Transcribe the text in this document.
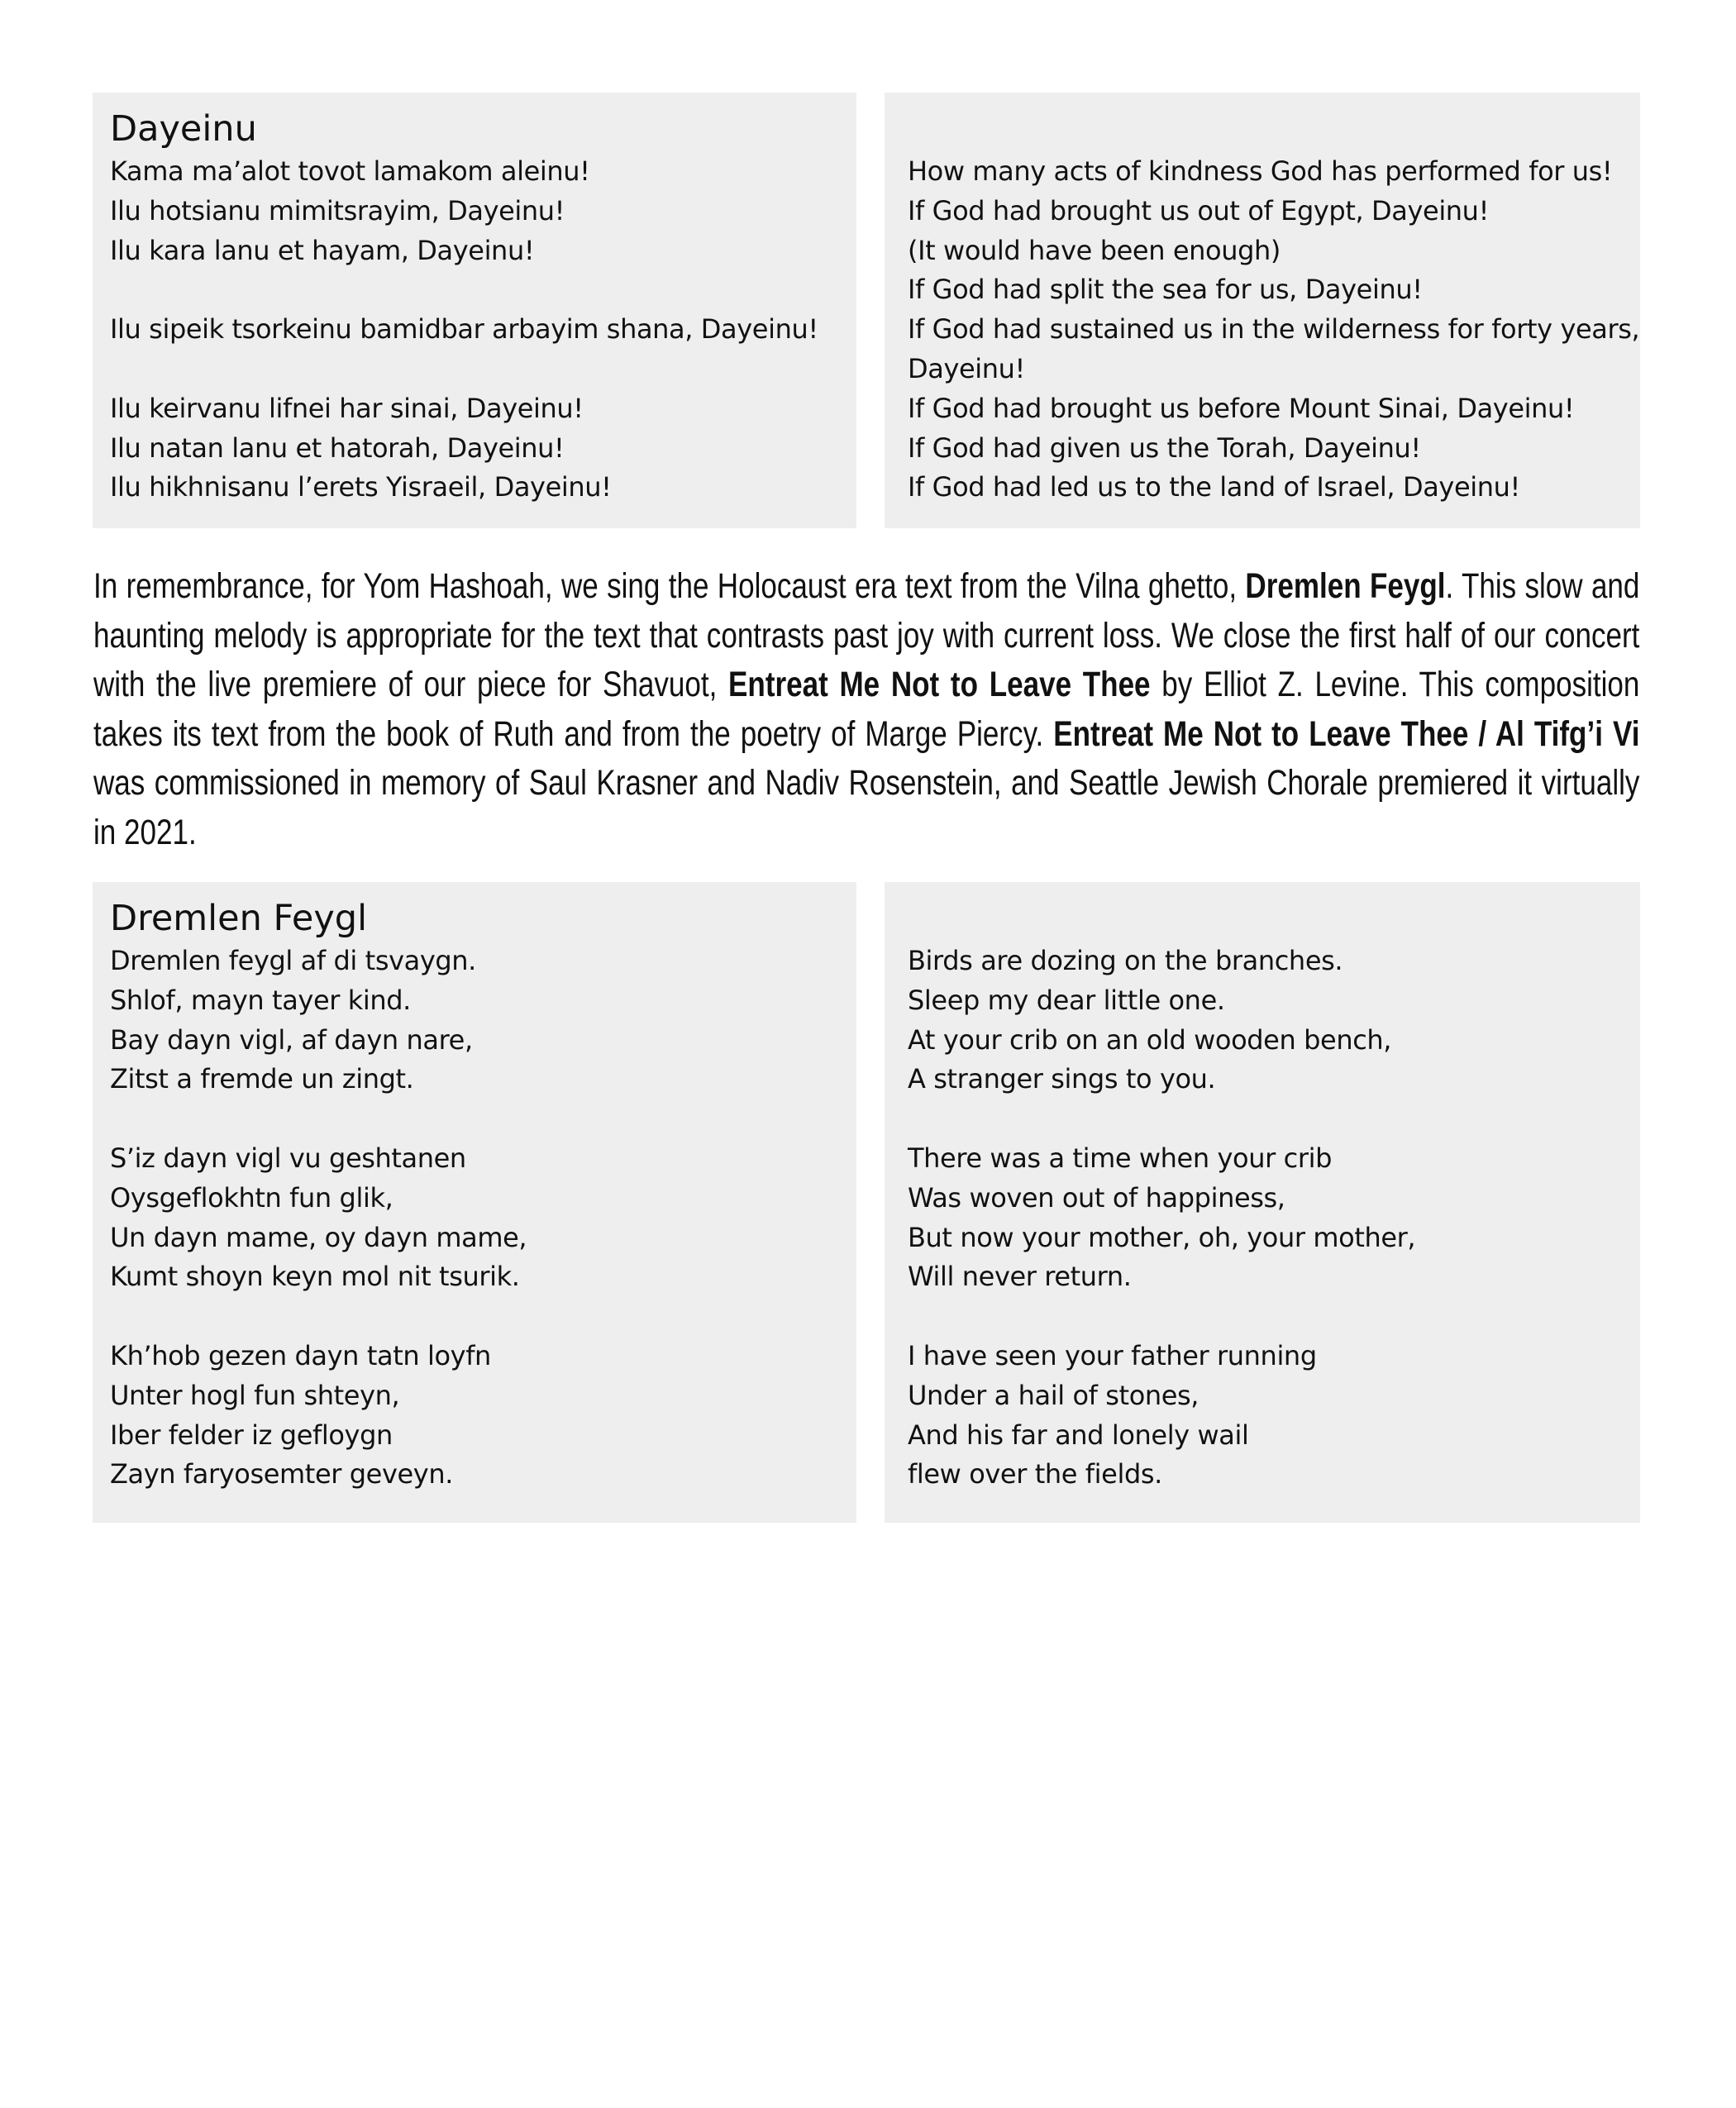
Dayeinu
Kama ma’alot tovot lamakom aleinu!
Ilu hotsianu mimitsrayim, Dayeinu!
Ilu kara lanu et hayam, Dayeinu!
Ilu sipeik tsorkeinu bamidbar arbayim shana, Dayeinu!
Ilu keirvanu lifnei har sinai, Dayeinu!
Ilu natan lanu et hatorah, Dayeinu!
Ilu hikhnisanu l’erets Yisraeil, Dayeinu!
How many acts of kindness God has performed for us!
If God had brought us out of Egypt, Dayeinu!
(It would have been enough)
If God had split the sea for us, Dayeinu!
If God had sustained us in the wilderness for forty years,
Dayeinu!
If God had brought us before Mount Sinai, Dayeinu!
If God had given us the Torah, Dayeinu!
If God had led us to the land of Israel, Dayeinu!
In remembrance, for Yom Hashoah, we sing the Holocaust era text from the Vilna ghetto, Dremlen Feygl. This slow and haunting melody is appropriate for the text that contrasts past joy with current loss. We close the first half of our concert with the live premiere of our piece for Shavuot, Entreat Me Not to Leave Thee by Elliot Z. Levine. This composition takes its text from the book of Ruth and from the poetry of Marge Piercy. Entreat Me Not to Leave Thee / Al Tifg’i Vi was commissioned in memory of Saul Krasner and Nadiv Rosenstein, and Seattle Jewish Chorale premiered it virtually in 2021.
Dremlen Feygl
Dremlen feygl af di tsvaygn.
Shlof, mayn tayer kind.
Bay dayn vigl, af dayn nare,
Zitst a fremde un zingt.
S’iz dayn vigl vu geshtanen
Oysgeflokhtn fun glik,
Un dayn mame, oy dayn mame,
Kumt shoyn keyn mol nit tsurik.
Kh’hob gezen dayn tatn loyfn
Unter hogl fun shteyn,
Iber felder iz gefloygn
Zayn faryosemter geveyn.
Birds are dozing on the branches.
Sleep my dear little one.
At your crib on an old wooden bench,
A stranger sings to you.
There was a time when your crib
Was woven out of happiness,
But now your mother, oh, your mother,
Will never return.
I have seen your father running
Under a hail of stones,
And his far and lonely wail
flew over the fields.
